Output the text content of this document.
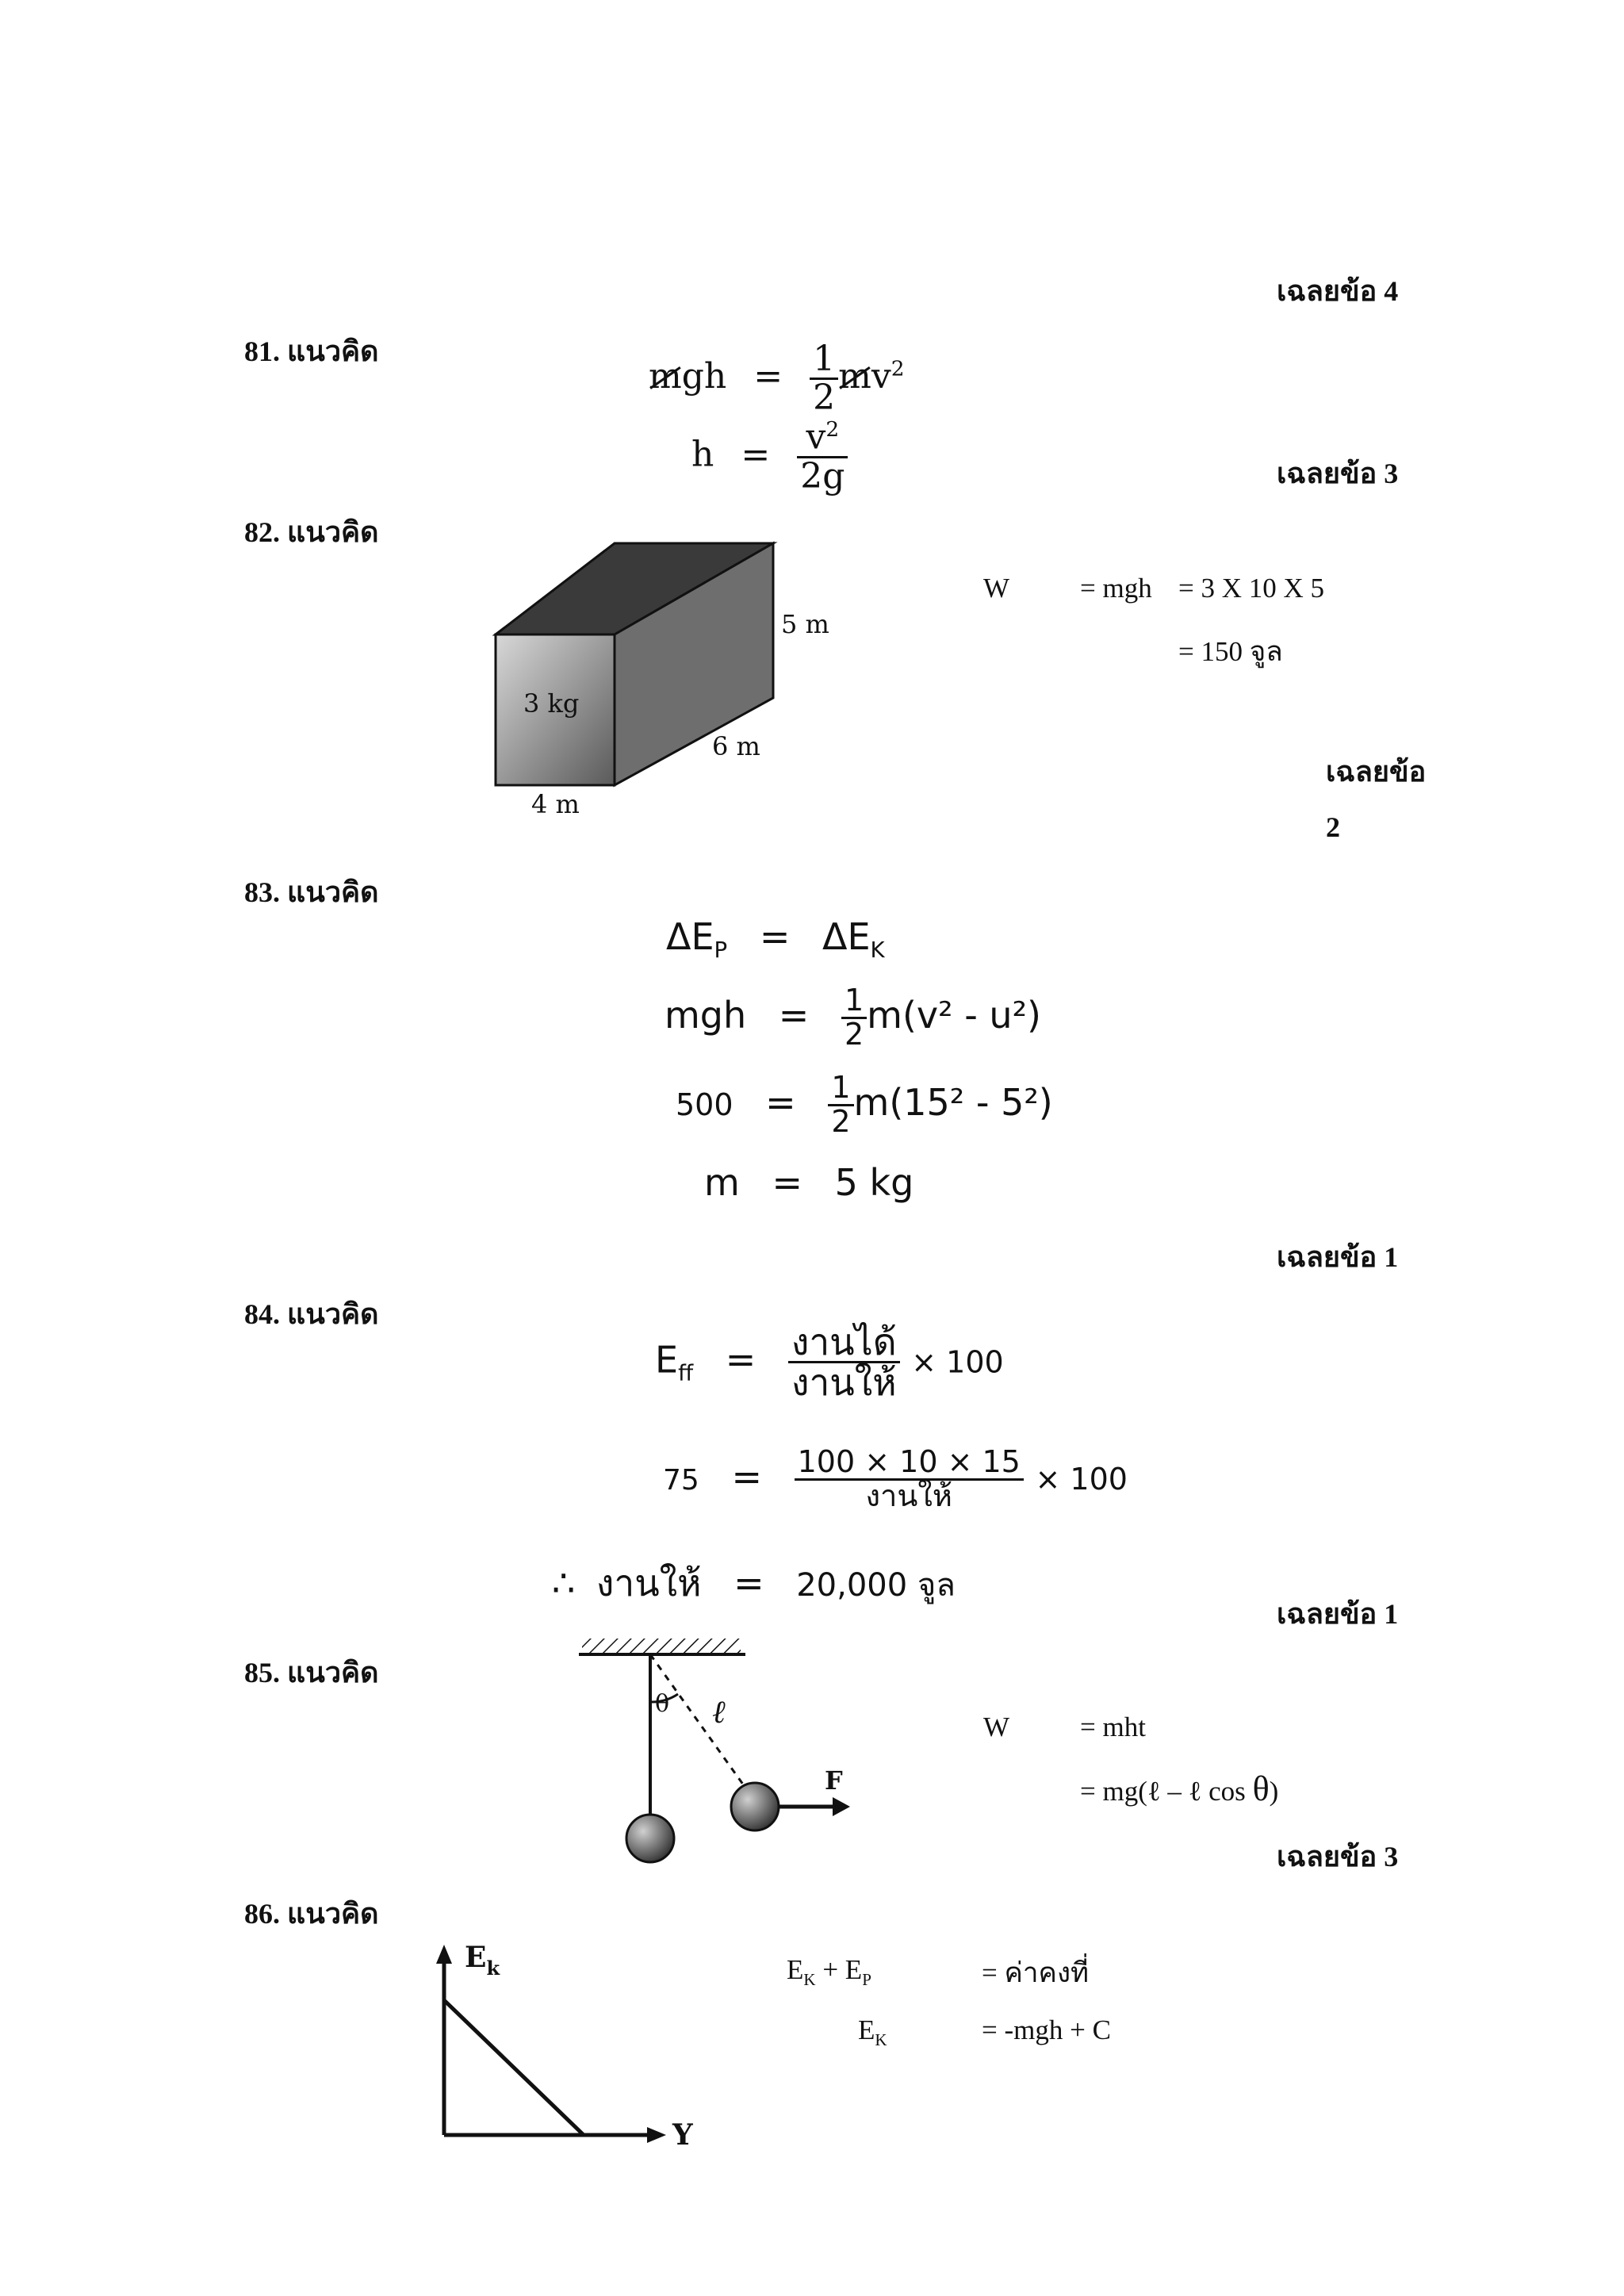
เฉลยข้อ 4
81. แนวคิด
mgh = $\frac{1}{2} mv^2$
$h = \frac{v^2}{2g}$	เฉลยข้อ 3
82. แนวคิด
3 kg
5 m
6 m
4 m
W	= mgh = 3 X 10 X 5
= 150 จูล
เฉลยข้อ
2
83. แนวคิด
$\Delta E_P = \Delta E_K$
mgh = $\frac{1}{2} m(v^2 - u^2)$
$500 = \frac{1}{2} m(15^2 - 5^2)$
m = 5 kg
เฉลยข้อ 1
84. แนวคิด
$E_{ff} = \frac{\text{งานได้}}{\text{งานให้}} \times 100$
$75 = \frac{100 \times 10 \times 15}{\text{งานให้}} \times 100$
∴ งานให้ = 20,000 จูล
เฉลยข้อ 1
85. แนวคิด
θ ℓ
F
W	= mht
= mg(ℓ – ℓ cos θ)
เฉลยข้อ 3
86. แนวคิด
$E_k$
Y
$E_K + E_P$	= ค่าคงที่
$E_K$	= -mgh + C
